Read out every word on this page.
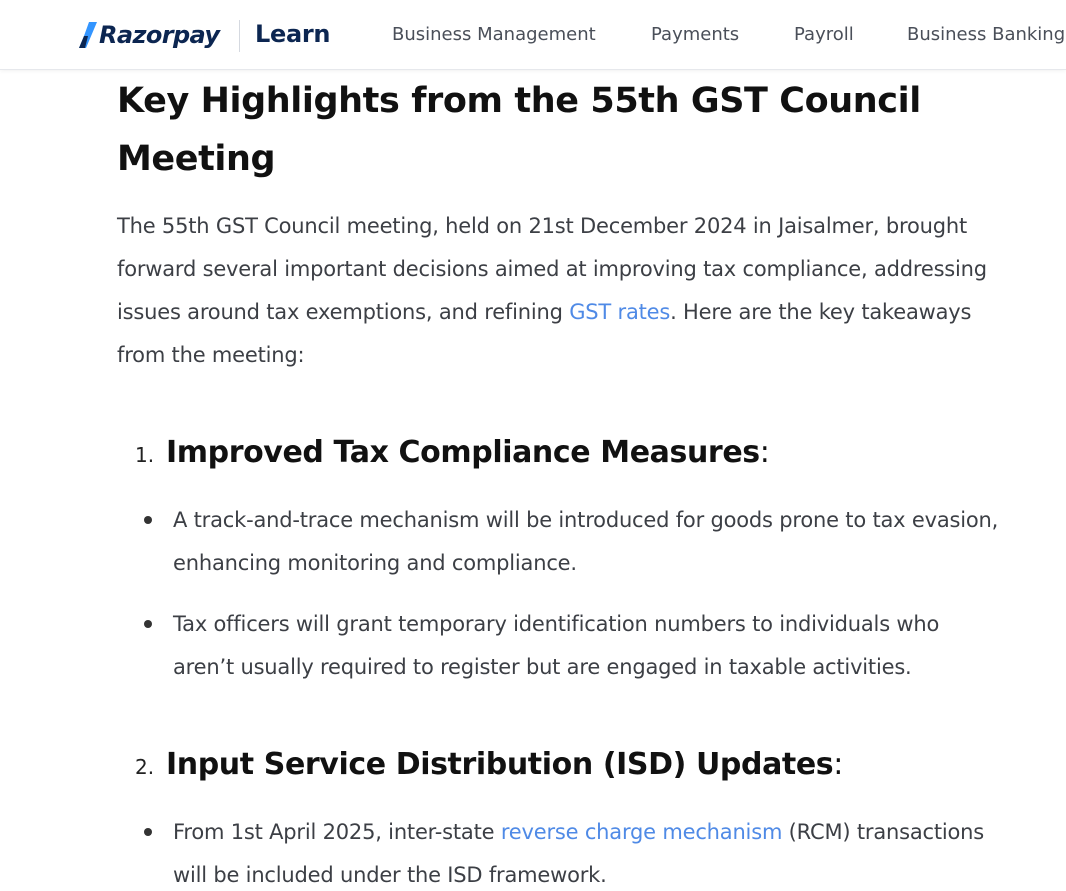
Razorpay Learn	Business Management	Payments	Payroll	Business Banking
Key Highlights from the 55th GST Council Meeting

The 55th GST Council meeting, held on 21st December 2024 in Jaisalmer, brought forward several important decisions aimed at improving tax compliance, addressing issues around tax exemptions, and refining GST rates. Here are the key takeaways from the meeting:

1. Improved Tax Compliance Measures:
A track-and-trace mechanism will be introduced for goods prone to tax evasion, enhancing monitoring and compliance.
Tax officers will grant temporary identification numbers to individuals who aren’t usually required to register but are engaged in taxable activities.
2. Input Service Distribution (ISD) Updates:
From 1st April 2025, inter-state reverse charge mechanism (RCM) transactions will be included under the ISD framework.
